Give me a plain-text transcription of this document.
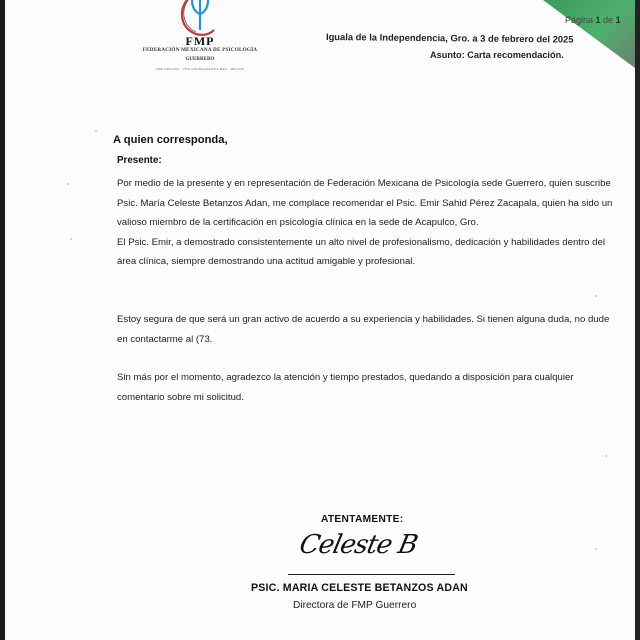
Página 1 de 1
FMP
FEDERACIÓN MEXICANA DE PSICOLOGÍA
GUERRERO
FMP-GRO/001 · VITA CONSEQUENTIA MEA · MEXICO
Iguala de la Independencia, Gro. a 3 de febrero del 2025
Asunto: Carta recomendación.
A quien corresponda,
Presente:
Por medio de la presente y en representación de Federación Mexicana de Psicología sede Guerrero, quien suscribe
Psic. María Celeste Betanzos Adan, me complace recomendar el Psic. Emir Sahid Pérez Zacapala, quien ha sido un
valioso miembro de la certificación en psicología clínica en la sede de Acapulco, Gro.
El Psic. Emir, a demostrado consistentemente un alto nivel de profesionalismo, dedicación y habilidades dentro del
área clínica, siempre demostrando una actitud amigable y profesional.
Estoy segura de que será un gran activo de acuerdo a su experiencia y habilidades. Si tienen alguna duda, no dude
en contactarme al (73.
Sin más por el momento, agradezco la atención y tiempo prestados, quedando a disposición para cualquier
comentario sobre mi solicitud.
ATENTAMENTE:
Celeste B
PSIC. MARIA CELESTE BETANZOS ADAN
Directora de FMP Guerrero
